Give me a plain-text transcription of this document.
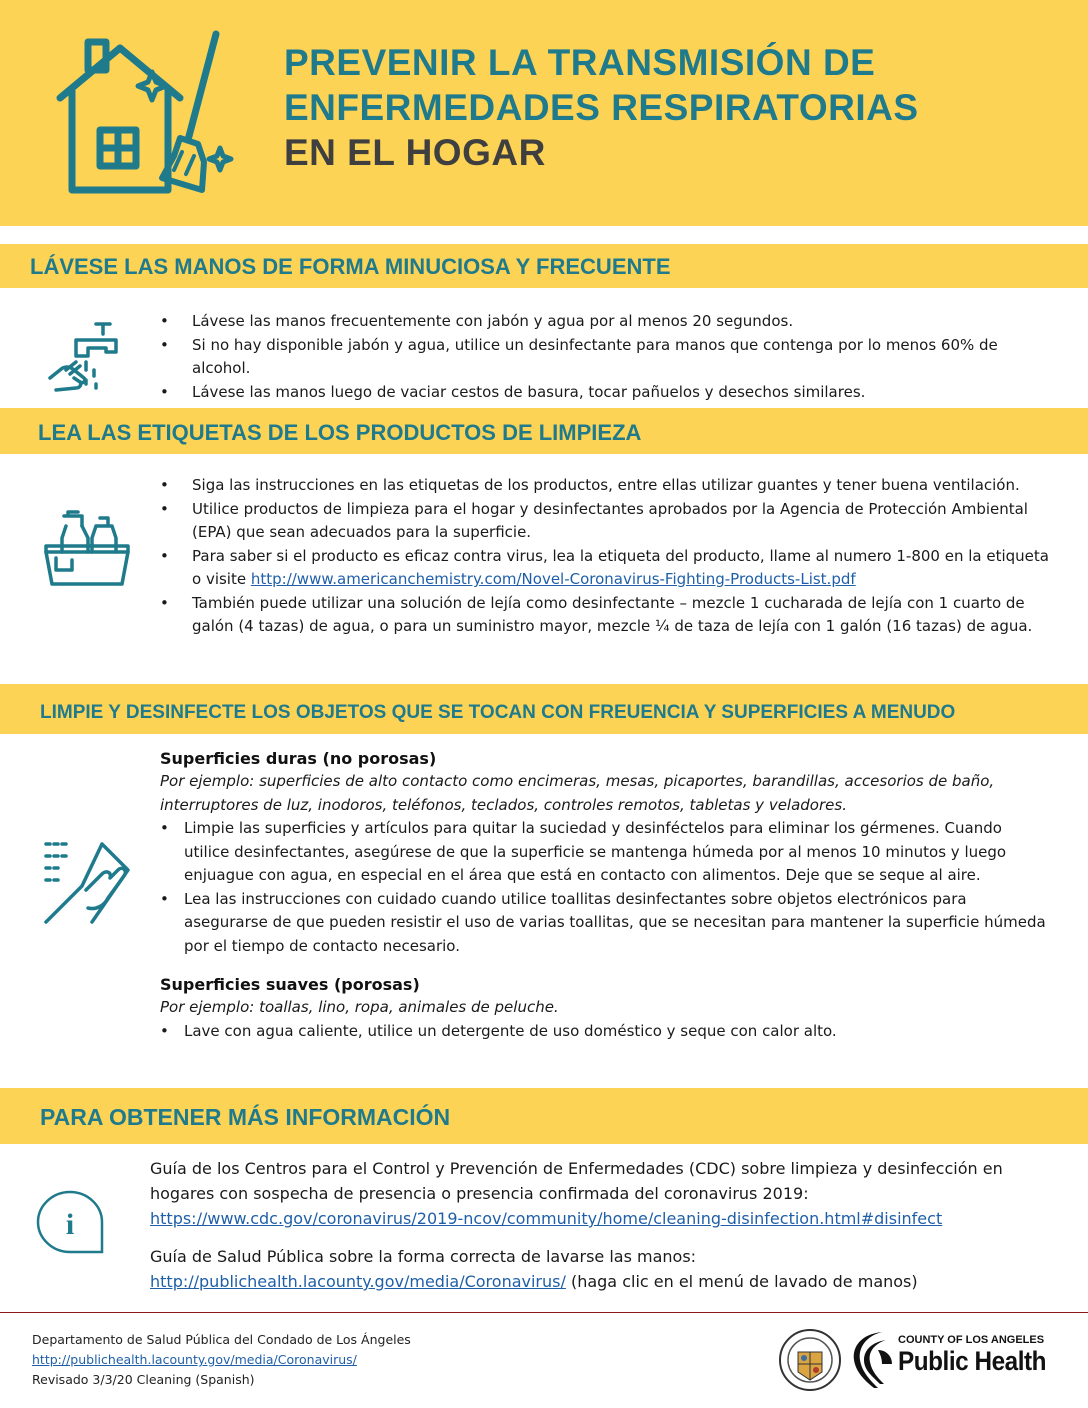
PREVENIR LA TRANSMISIÓN DE
ENFERMEDADES RESPIRATORIAS
EN EL HOGAR
LÁVESE LAS MANOS DE FORMA MINUCIOSA Y FRECUENTE
• Lávese las manos frecuentemente con jabón y agua por al menos 20 segundos.
• Si no hay disponible jabón y agua, utilice un desinfectante para manos que contenga por lo menos 60% de alcohol.
• Lávese las manos luego de vaciar cestos de basura, tocar pañuelos y desechos similares.
LEA LAS ETIQUETAS DE LOS PRODUCTOS DE LIMPIEZA
• Siga las instrucciones en las etiquetas de los productos, entre ellas utilizar guantes y tener buena ventilación.
• Utilice productos de limpieza para el hogar y desinfectantes aprobados por la Agencia de Protección Ambiental (EPA) que sean adecuados para la superficie.
• Para saber si el producto es eficaz contra virus, lea la etiqueta del producto, llame al numero 1-800 en la etiqueta o visite http://www.americanchemistry.com/Novel-Coronavirus-Fighting-Products-List.pdf
• También puede utilizar una solución de lejía como desinfectante – mezcle 1 cucharada de lejía con 1 cuarto de galón (4 tazas) de agua, o para un suministro mayor, mezcle ¼ de taza de lejía con 1 galón (16 tazas) de agua.
LIMPIE Y DESINFECTE LOS OBJETOS QUE SE TOCAN CON FREUENCIA Y SUPERFICIES A MENUDO
Superficies duras (no porosas)
Por ejemplo: superficies de alto contacto como encimeras, mesas, picaportes, barandillas, accesorios de baño, interruptores de luz, inodoros, teléfonos, teclados, controles remotos, tabletas y veladores.
• Limpie las superficies y artículos para quitar la suciedad y desinféctelos para eliminar los gérmenes. Cuando utilice desinfectantes, asegúrese de que la superficie se mantenga húmeda por al menos 10 minutos y luego enjuague con agua, en especial en el área que está en contacto con alimentos. Deje que se seque al aire.
• Lea las instrucciones con cuidado cuando utilice toallitas desinfectantes sobre objetos electrónicos para asegurarse de que pueden resistir el uso de varias toallitas, que se necesitan para mantener la superficie húmeda por el tiempo de contacto necesario.
Superficies suaves (porosas)
Por ejemplo: toallas, lino, ropa, animales de peluche.
• Lave con agua caliente, utilice un detergente de uso doméstico y seque con calor alto.
PARA OBTENER MÁS INFORMACIÓN
i
Guía de los Centros para el Control y Prevención de Enfermedades (CDC) sobre limpieza y desinfección en hogares con sospecha de presencia o presencia confirmada del coronavirus 2019:
https://www.cdc.gov/coronavirus/2019-ncov/community/home/cleaning-disinfection.html#disinfect
Guía de Salud Pública sobre la forma correcta de lavarse las manos:
http://publichealth.lacounty.gov/media/Coronavirus/ (haga clic en el menú de lavado de manos)
Departamento de Salud Pública del Condado de Los Ángeles
http://publichealth.lacounty.gov/media/Coronavirus/
Revisado 3/3/20 Cleaning (Spanish)
COUNTY OF LOS ANGELES
Public Health
